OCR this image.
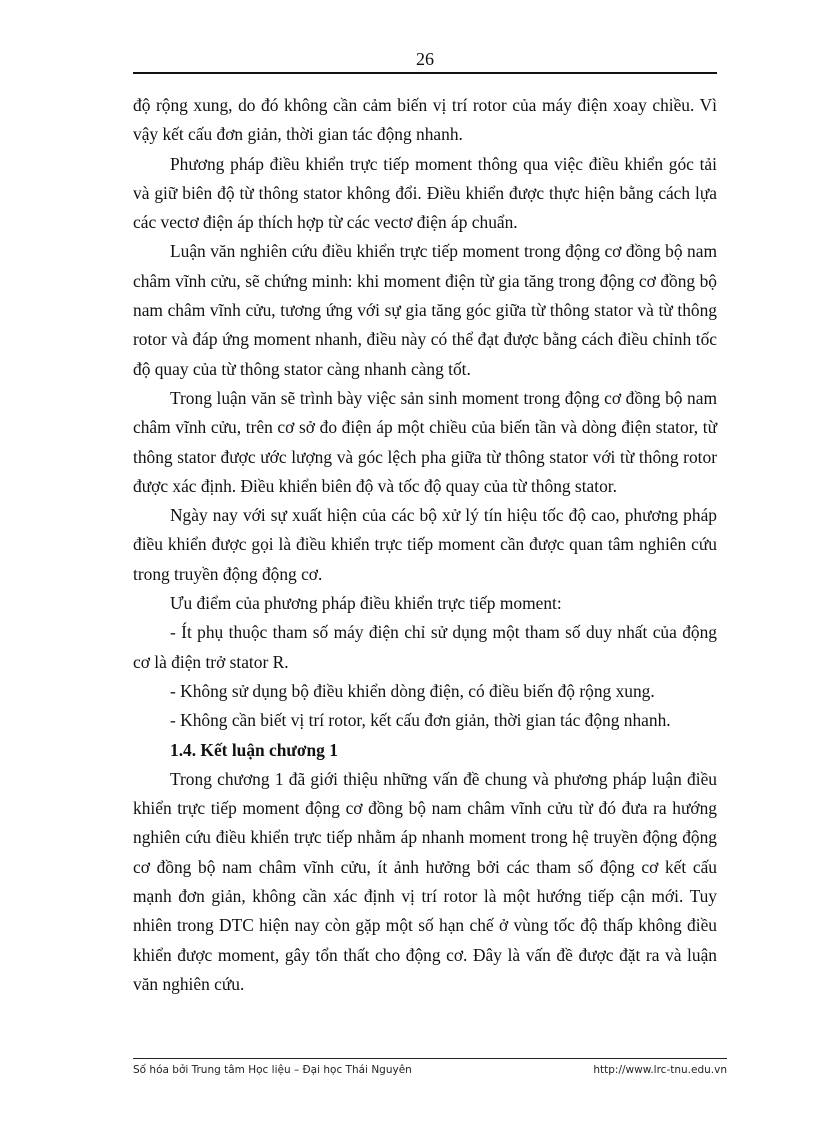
26

độ rộng xung, do đó không cần cảm biến vị trí rotor của máy điện xoay chiều. Vì vậy kết cấu đơn giản, thời gian tác động nhanh.

Phương pháp điều khiển trực tiếp moment thông qua việc điều khiển góc tải và giữ biên độ từ thông stator không đổi. Điều khiển được thực hiện bằng cách lựa các vectơ điện áp thích hợp từ các vectơ điện áp chuẩn.

Luận văn nghiên cứu điều khiển trực tiếp moment trong động cơ đồng bộ nam châm vĩnh cửu, sẽ chứng minh: khi moment điện từ gia tăng trong động cơ đồng bộ nam châm vĩnh cửu, tương ứng với sự gia tăng góc giữa từ thông stator và từ thông rotor và đáp ứng moment nhanh, điều này có thể đạt được bằng cách điều chỉnh tốc độ quay của từ thông stator càng nhanh càng tốt.

Trong luận văn sẽ trình bày việc sản sinh moment trong động cơ đồng bộ nam châm vĩnh cửu, trên cơ sở đo điện áp một chiều của biến tần và dòng điện stator, từ thông stator được ước lượng và góc lệch pha giữa từ thông stator với từ thông rotor được xác định. Điều khiển biên độ và tốc độ quay của từ thông stator.

Ngày nay với sự xuất hiện của các bộ xử lý tín hiệu tốc độ cao, phương pháp điều khiển được gọi là điều khiển trực tiếp moment cần được quan tâm nghiên cứu trong truyền động động cơ.

Ưu điểm của phương pháp điều khiển trực tiếp moment:

- Ít phụ thuộc tham số máy điện chỉ sử dụng một tham số duy nhất của động cơ là điện trở stator R.

- Không sử dụng bộ điều khiển dòng điện, có điều biến độ rộng xung.

- Không cần biết vị trí rotor, kết cấu đơn giản, thời gian tác động nhanh.

1.4. Kết luận chương 1

Trong chương 1 đã giới thiệu những vấn đề chung và phương pháp luận điều khiển trực tiếp moment động cơ đồng bộ nam châm vĩnh cửu từ đó đưa ra hướng nghiên cứu điều khiển trực tiếp nhằm áp nhanh moment trong hệ truyền động động cơ đồng bộ nam châm vĩnh cửu, ít ảnh hưởng bởi các tham số động cơ kết cấu mạnh đơn giản, không cần xác định vị trí rotor là một hướng tiếp cận mới. Tuy nhiên trong DTC hiện nay còn gặp một số hạn chế ở vùng tốc độ thấp không điều khiển được moment, gây tổn thất cho động cơ. Đây là vấn đề được đặt ra và luận văn nghiên cứu.

Số hóa bởi Trung tâm Học liệu – Đại học Thái Nguyên	http://www.lrc-tnu.edu.vn
